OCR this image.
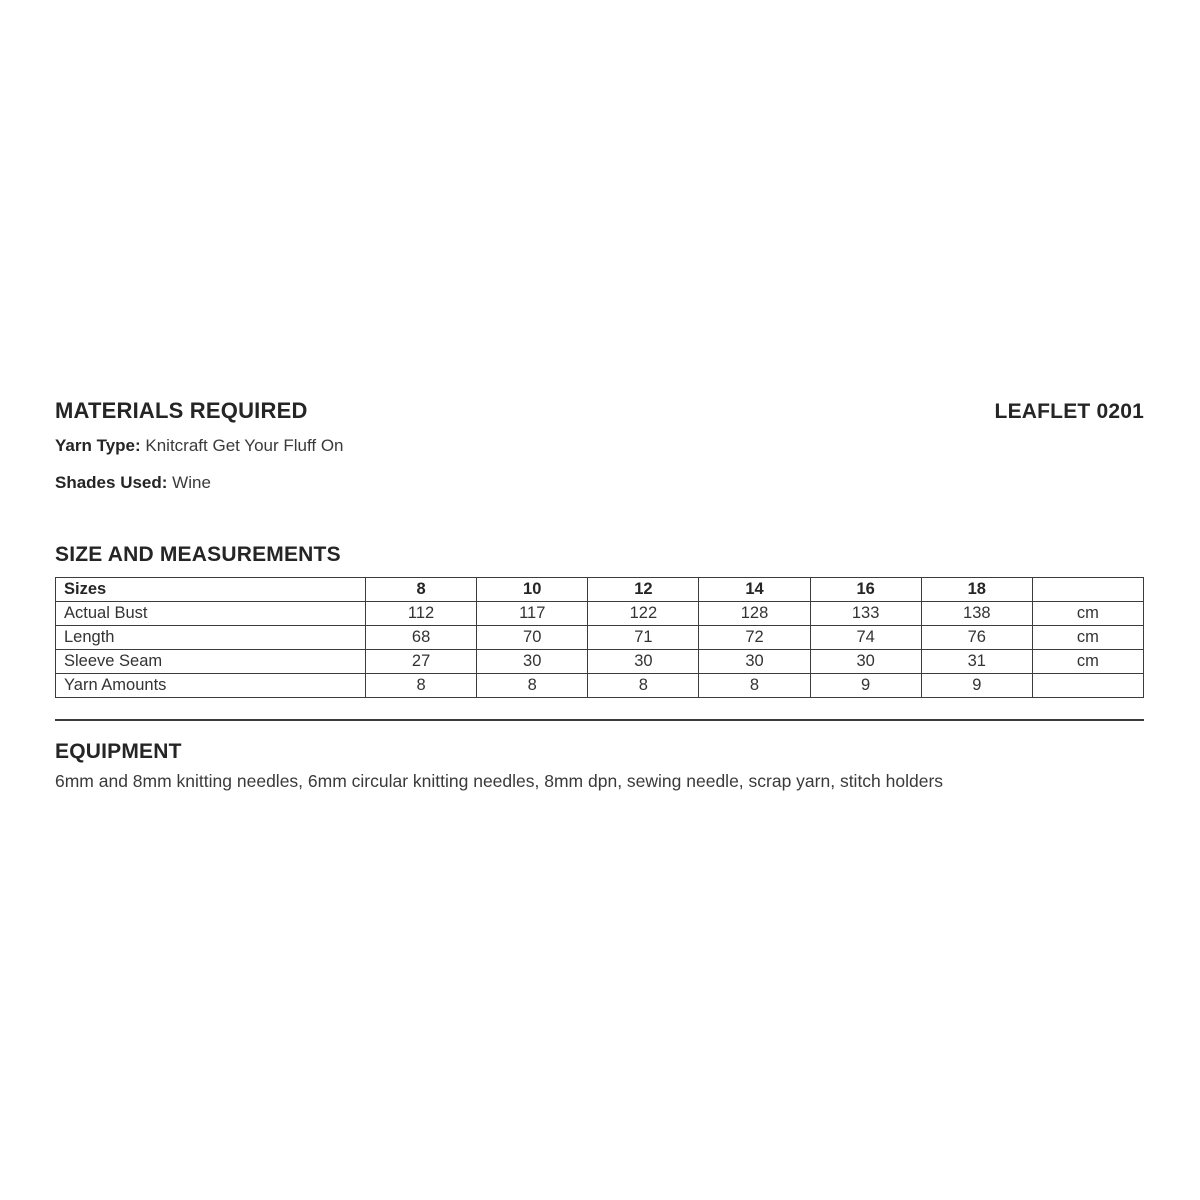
MATERIALS REQUIRED	LEAFLET 0201

Yarn Type: Knitcraft Get Your Fluff On

Shades Used: Wine

SIZE AND MEASUREMENTS
Sizes	8	10	12	14	16	18	
Actual Bust	112	117	122	128	133	138	cm
Length	68	70	71	72	74	76	cm
Sleeve Seam	27	30	30	30	30	31	cm
Yarn Amounts	8	8	8	8	9	9	
EQUIPMENT

6mm and 8mm knitting needles, 6mm circular knitting needles, 8mm dpn, sewing needle, scrap yarn, stitch holders
